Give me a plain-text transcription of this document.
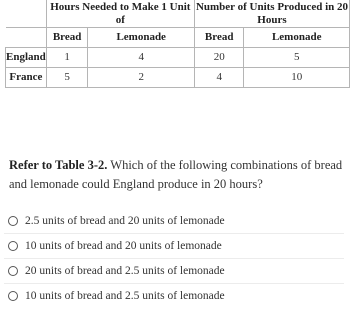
	Hours Needed to Make 1 Unit of		Number of Units Produced in 20 Hours	
	Bread	Lemonade	Bread	Lemonade
England	1	4	20	5
France	5	2	4	10
Refer to Table 3-2. Which of the following combinations of bread and lemonade could England produce in 20 hours?
2.5 units of bread and 20 units of lemonade
10 units of bread and 20 units of lemonade
20 units of bread and 2.5 units of lemonade
10 units of bread and 2.5 units of lemonade
